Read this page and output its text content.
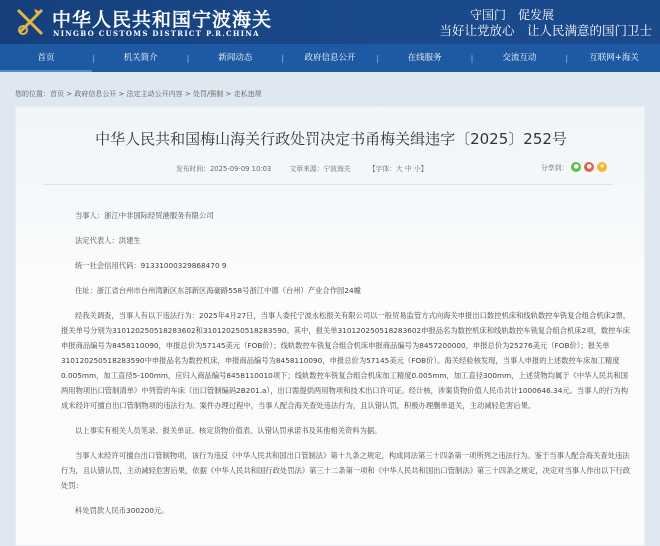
中华人民共和国宁波海关
NINGBO CUSTOMS DISTRICT P.R.CHINA
守国门　促发展
当好让党放心　让人民满意的国门卫士
首页	|	机关简介	|	新闻动态	|	政府信息公开	|	在线服务	|	交流互动	|	互联网+海关
您的位置：首页 > 政府信息公开 > 法定主动公开内容 > 处罚/强制 > 走私违规
中华人民共和国梅山海关行政处罚决定书甬梅关缉违字〔2025〕252号
发布时间：2025-09-09 10:03	文章来源：宁波海关	【字体：大 中 小】	分享到： ●	●	★

当事人：浙江中非国际经贸港服务有限公司

法定代表人：洪建生

统一社会信用代码：91331000329868470 9

住址：浙江省台州市台州湾新区东部新区海豪路558号浙江中德（台州）产业合作园24幢

经我关调查，当事人有以下违法行为：2025年4月27日，当事人委托宁波永松报关有限公司以一般贸易监管方式向海关申报出口数控机床和线轨数控车铣复合组合机床2票，报关单号分别为310120250518283602和310120250518283590。其中，报关单310120250518283602申报品名为数控机床和线轨数控车铣复合组合机床2项，数控车床申报商品编号为8458110090，申报总价为57145美元（FOB价）；线轨数控车铣复合组合机床申报商品编号为8457200000，申报总价为25276美元（FOB价）；报关单310120250518283590中申报品名为数控机床，申报商品编号为8458110090，申报总价为57145美元（FOB价）。海关经验核发现，当事人申报的上述数控车床加工精度0.005mm，加工直径5-100mm，应归入商品编号8458110010项下；线轨数控车铣复合组合机床加工精度0.005mm，加工直径300mm，上述货物均属于《中华人民共和国两用物项出口管制清单》中列管的车床（出口管制编码2B201.a），出口需提供两用物项和技术出口许可证。经计核，涉案货物价值人民币共计1000646.34元。当事人的行为构成未经许可擅自出口管制物项的违法行为。案件办理过程中，当事人配合海关查处违法行为，且认错认罚，积极办理删单退关，主动减轻危害后果。

以上事实有相关人员笔录、报关单证、核定货物价值表、认错认罚承诺书及其他相关资料为据。

当事人未经许可擅自出口管制物项，该行为违反《中华人民共和国出口管制法》第十九条之规定，构成同法第三十四条第一项所列之违法行为。鉴于当事人配合海关查处违法行为，且认错认罚，主动减轻危害后果，依据《中华人民共和国行政处罚法》第三十二条第一项和《中华人民共和国出口管制法》第三十四条之规定，决定对当事人作出以下行政处罚：

科处罚款人民币300200元。
